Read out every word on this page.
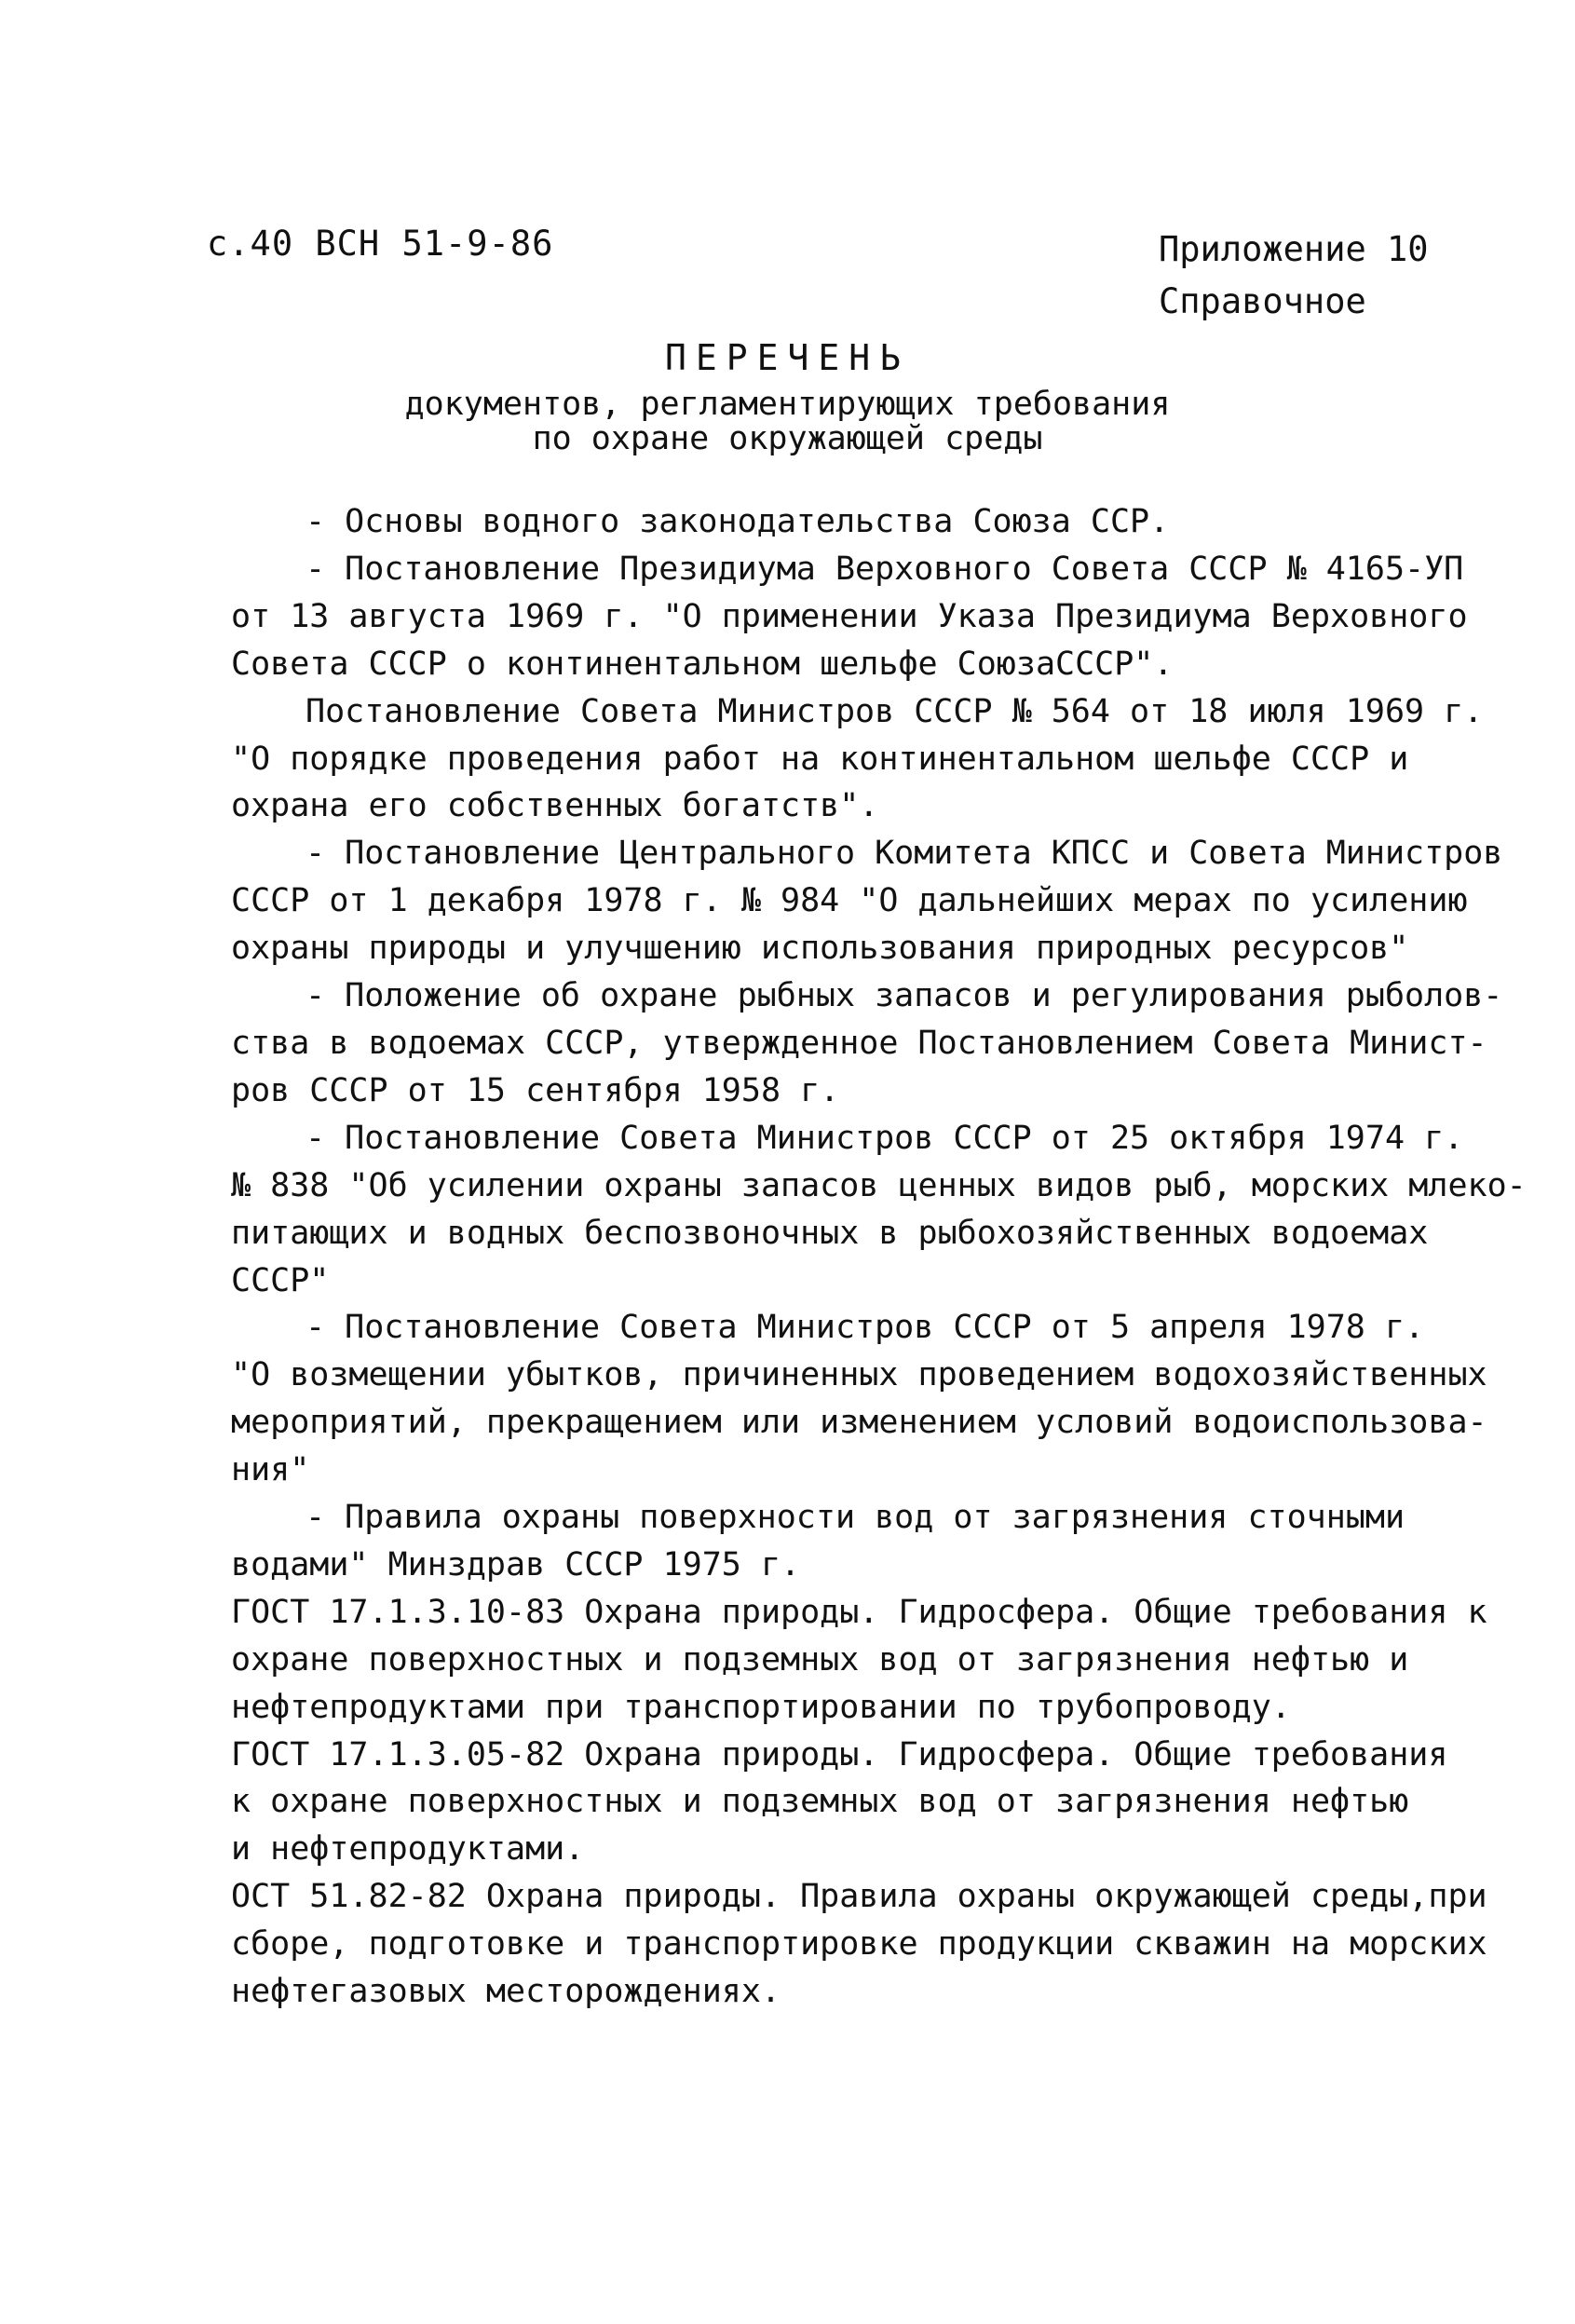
с.40 ВСН 51-9-86	Приложение 10
Справочное
ПЕРЕЧЕНЬ
документов, регламентирующих требования
по охране окружающей среды
- Основы водного законодательства Союза ССР.
- Постановление Президиума Верховного Совета СССР № 4165-УП
от 13 августа 1969 г. "О применении Указа Президиума Верховного
Совета СССР о континентальном шельфе СоюзаСССР".
Постановление Совета Министров СССР № 564 от 18 июля 1969 г.
"О порядке проведения работ на континентальном шельфе СССР и
охрана его собственных богатств".
- Постановление Центрального Комитета КПСС и Совета Министров
СССР от 1 декабря 1978 г. № 984 "О дальнейших мерах по усилению
охраны природы и улучшению использования природных ресурсов"
- Положение об охране рыбных запасов и регулирования рыболов-
ства в водоемах СССР, утвержденное Постановлением Совета Минист-
ров СССР от 15 сентября 1958 г.
- Постановление Совета Министров СССР от 25 октября 1974 г.
№ 838 "Об усилении охраны запасов ценных видов рыб, морских млеко-
питающих и водных беспозвоночных в рыбохозяйственных водоемах
СССР"
- Постановление Совета Министров СССР от 5 апреля 1978 г.
"О возмещении убытков, причиненных проведением водохозяйственных
мероприятий, прекращением или изменением условий водоиспользова-
ния"
- Правила охраны поверхности вод от загрязнения сточными
водами" Минздрав СССР 1975 г.
ГОСТ 17.1.3.10-83 Охрана природы. Гидросфера. Общие требования к
охране поверхностных и подземных вод от загрязнения нефтью и
нефтепродуктами при транспортировании по трубопроводу.
ГОСТ 17.1.3.05-82 Охрана природы. Гидросфера. Общие требования
к охране поверхностных и подземных вод от загрязнения нефтью
и нефтепродуктами.
ОСТ 51.82-82 Охрана природы. Правила охраны окружающей среды,при
сборе, подготовке и транспортировке продукции скважин на морских
нефтегазовых месторождениях.
